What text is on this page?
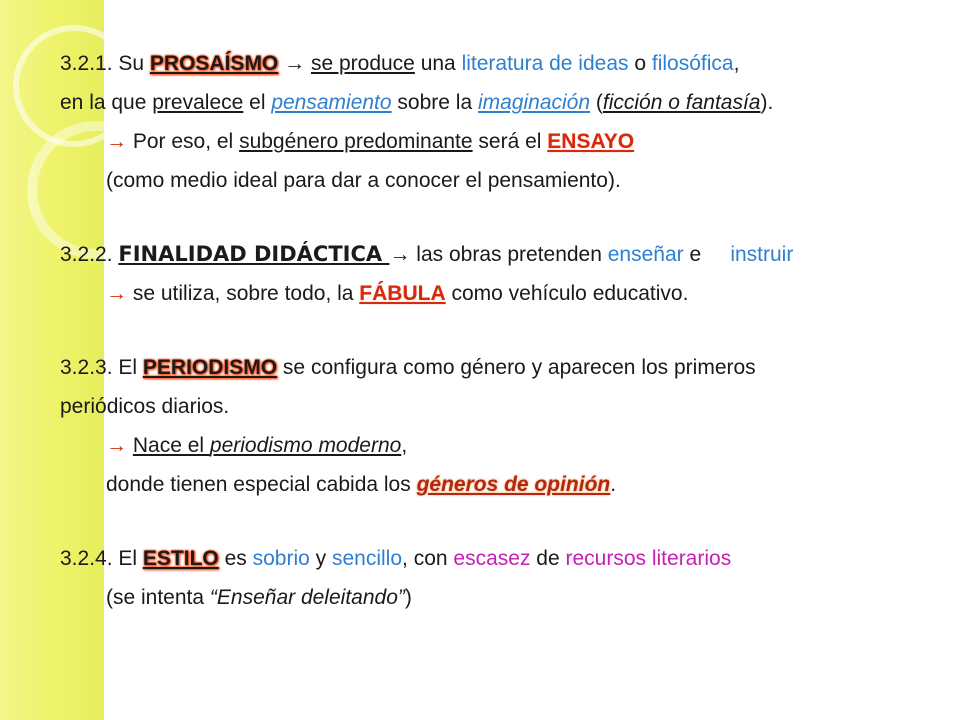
3.2.1. Su PROSAÍSMO → se produce una literatura de ideas o filosófica,
en la que prevalece el pensamiento sobre la imaginación (ficción o fantasía).
→ Por eso, el subgénero predominante será el ENSAYO
(como medio ideal para dar a conocer el pensamiento).
3.2.2. FINALIDAD DIDÁCTICA → las obras pretenden enseñar e     instruir
→ se utiliza, sobre todo, la FÁBULA como vehículo educativo.
3.2.3. El PERIODISMO se configura como género y aparecen los primeros
periódicos diarios.
→ Nace el periodismo moderno,
donde tienen especial cabida los géneros de opinión.
3.2.4. El ESTILO es sobrio y sencillo, con escasez de recursos literarios
(se intenta “Enseñar deleitando”)
